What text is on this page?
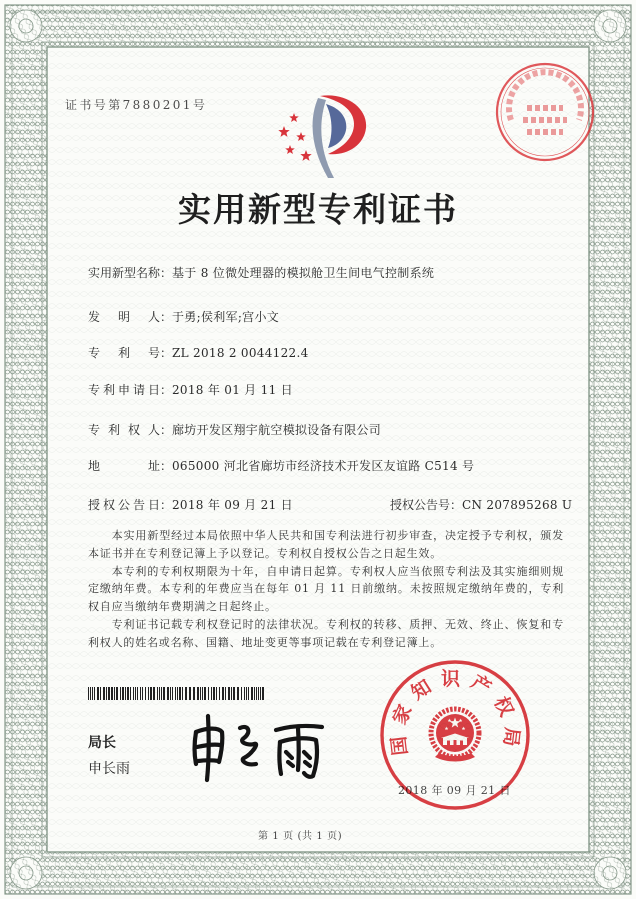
证书号第7880201号
实用新型专利证书
实用新型名称：基于 8 位微处理器的模拟舱卫生间电气控制系统
发明人：于勇;侯利军;宫小文
专利号：ZL 2018 2 0044122.4
专利申请日：2018 年 01 月 11 日
专利权人：廊坊开发区翔宇航空模拟设备有限公司
地址：065000 河北省廊坊市经济技术开发区友谊路 C514 号
授权公告日：2018 年 09 月 21 日	授权公告号：CN 207895268 U

本实用新型经过本局依照中华人民共和国专利法进行初步审查，决定授予专利权，颁发本证书并在专利登记簿上予以登记。专利权自授权公告之日起生效。

本专利的专利权期限为十年，自申请日起算。专利权人应当依照专利法及其实施细则规定缴纳年费。本专利的年费应当在每年 01 月 11 日前缴纳。未按照规定缴纳年费的，专利权自应当缴纳年费期满之日起终止。

专利证书记载专利权登记时的法律状况。专利权的转移、质押、无效、终止、恢复和专利权人的姓名或名称、国籍、地址变更等事项记载在专利登记簿上。

局长
申长雨
2018 年 09 月 21 日
国家知识产权局
第 1 页 (共 1 页)
